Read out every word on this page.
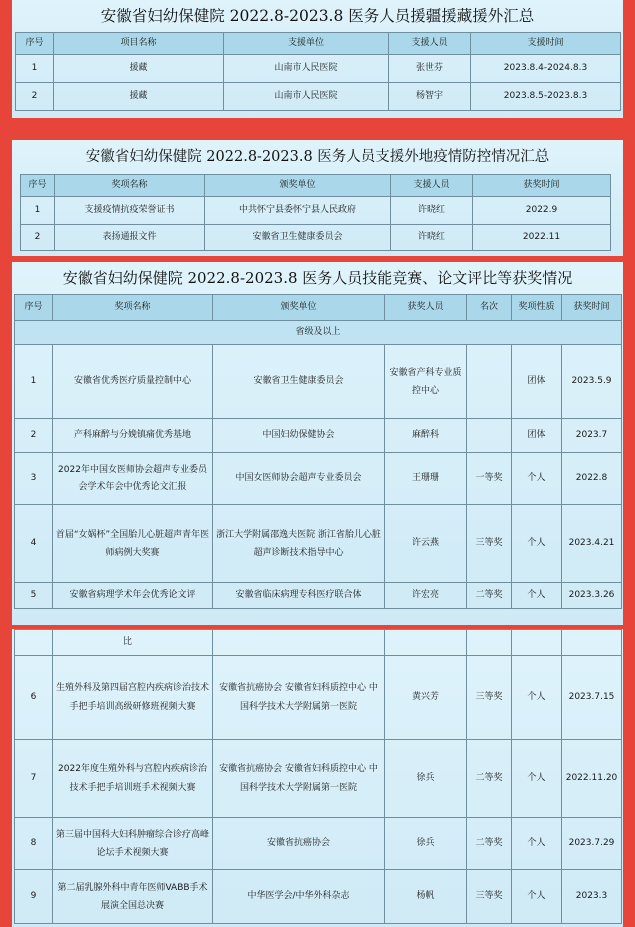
安徽省妇幼保健院 2022.8-2023.8 医务人员援疆援藏援外汇总
序号	项目名称	支援单位	支援人员	支援时间
1	援藏	山南市人民医院	张世芬	2023.8.4-2024.8.3
2	援藏	山南市人民医院	杨智宇	2023.8.5-2023.8.3
安徽省妇幼保健院 2022.8-2023.8 医务人员支援外地疫情防控情况汇总
序号	奖项名称	颁奖单位	支援人员	获奖时间
1	支援疫情抗疫荣誉证书	中共怀宁县委怀宁县人民政府	许晓红	2022.9
2	表扬通报文件	安徽省卫生健康委员会	许晓红	2022.11
安徽省妇幼保健院 2022.8-2023.8 医务人员技能竞赛、论文评比等获奖情况
序号	奖项名称	颁奖单位	获奖人员	名次	奖项性质	获奖时间
省级及以上						
1	安徽省优秀医疗质量控制中心	安徽省卫生健康委员会	安徽省产科专业质控中心		团体	2023.5.9
2	产科麻醉与分娩镇痛优秀基地	中国妇幼保健协会	麻醉科		团体	2023.7
3	2022年中国女医师协会超声专业委员会学术年会中优秀论文汇报	中国女医师协会超声专业委员会	王珊珊	一等奖	个人	2022.8
4	首届“女娲杯”全国胎儿心脏超声青年医师病例大奖赛	浙江大学附属邵逸夫医院 浙江省胎儿心脏超声诊断技术指导中心	许云燕	三等奖	个人	2023.4.21
5	安徽省病理学术年会优秀论文评	安徽省临床病理专科医疗联合体	许宏亮	二等奖	个人	2023.3.26
	比					
6	生殖外科及第四届宫腔内疾病诊治技术手把手培训高级研修班视频大赛	安徽省抗癌协会 安徽省妇科质控中心 中国科学技术大学附属第一医院	黄兴芳	三等奖	个人	2023.7.15
7	2022年度生殖外科与宫腔内疾病诊治技术手把手培训班手术视频大赛	安徽省抗癌协会 安徽省妇科质控中心 中国科学技术大学附属第一医院	徐兵	二等奖	个人	2022.11.20
8	第三届中国科大妇科肿瘤综合诊疗高峰论坛手术视频大赛	安徽省抗癌协会	徐兵	二等奖	个人	2023.7.29
9	第二届乳腺外科中青年医师VABB手术展演全国总决赛	中华医学会/中华外科杂志	杨帆	三等奖	个人	2023.3
